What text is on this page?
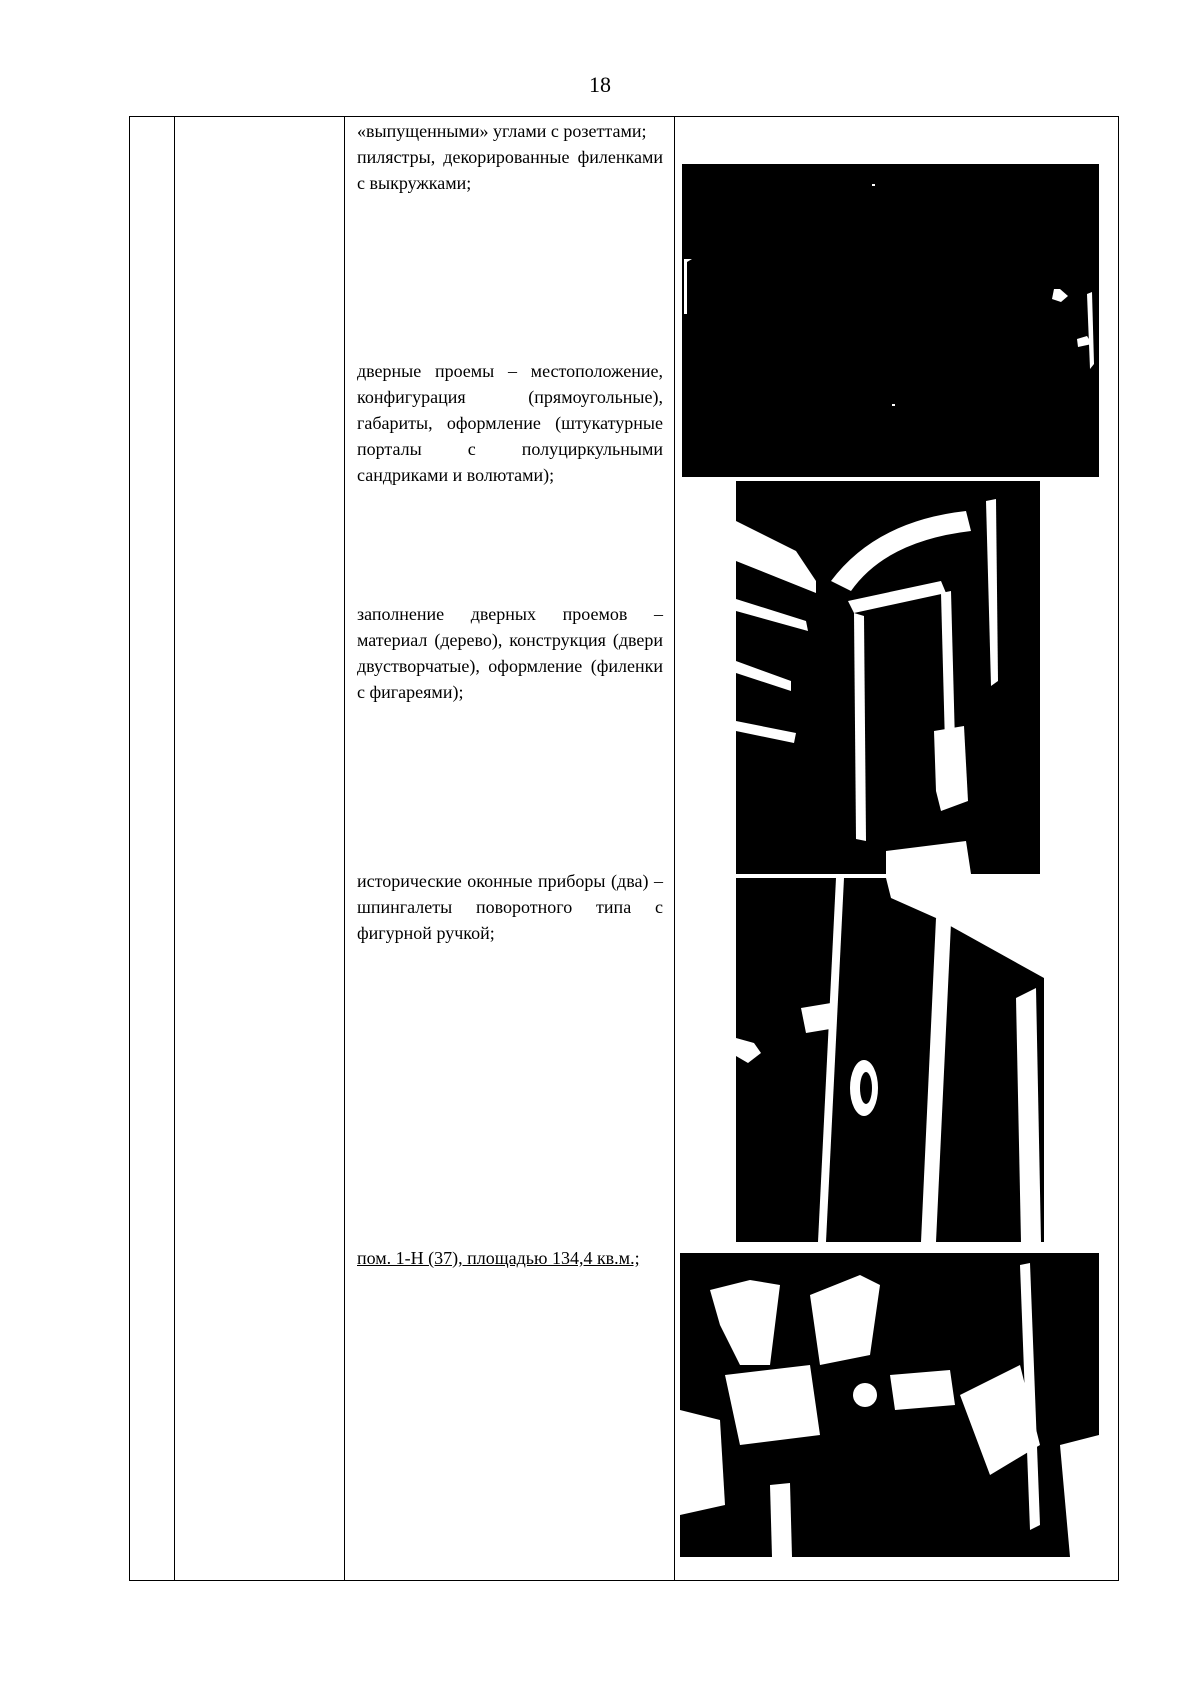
18

«выпущенными» углами с розеттами;

пилястры, декорированные филенками с выкружками;

дверные проемы – местоположение, конфигурация (прямоугольные), габариты, оформление (штукатурные порталы с полуциркульными сандриками и волютами);

заполнение дверных проемов – материал (дерево), конструкция (двери двустворчатые), оформление (филенки с фигареями);

исторические оконные приборы (два) – шпингалеты поворотного типа с фигурной ручкой;

пом. 1-Н (37), площадью 134,4 кв.м.;
